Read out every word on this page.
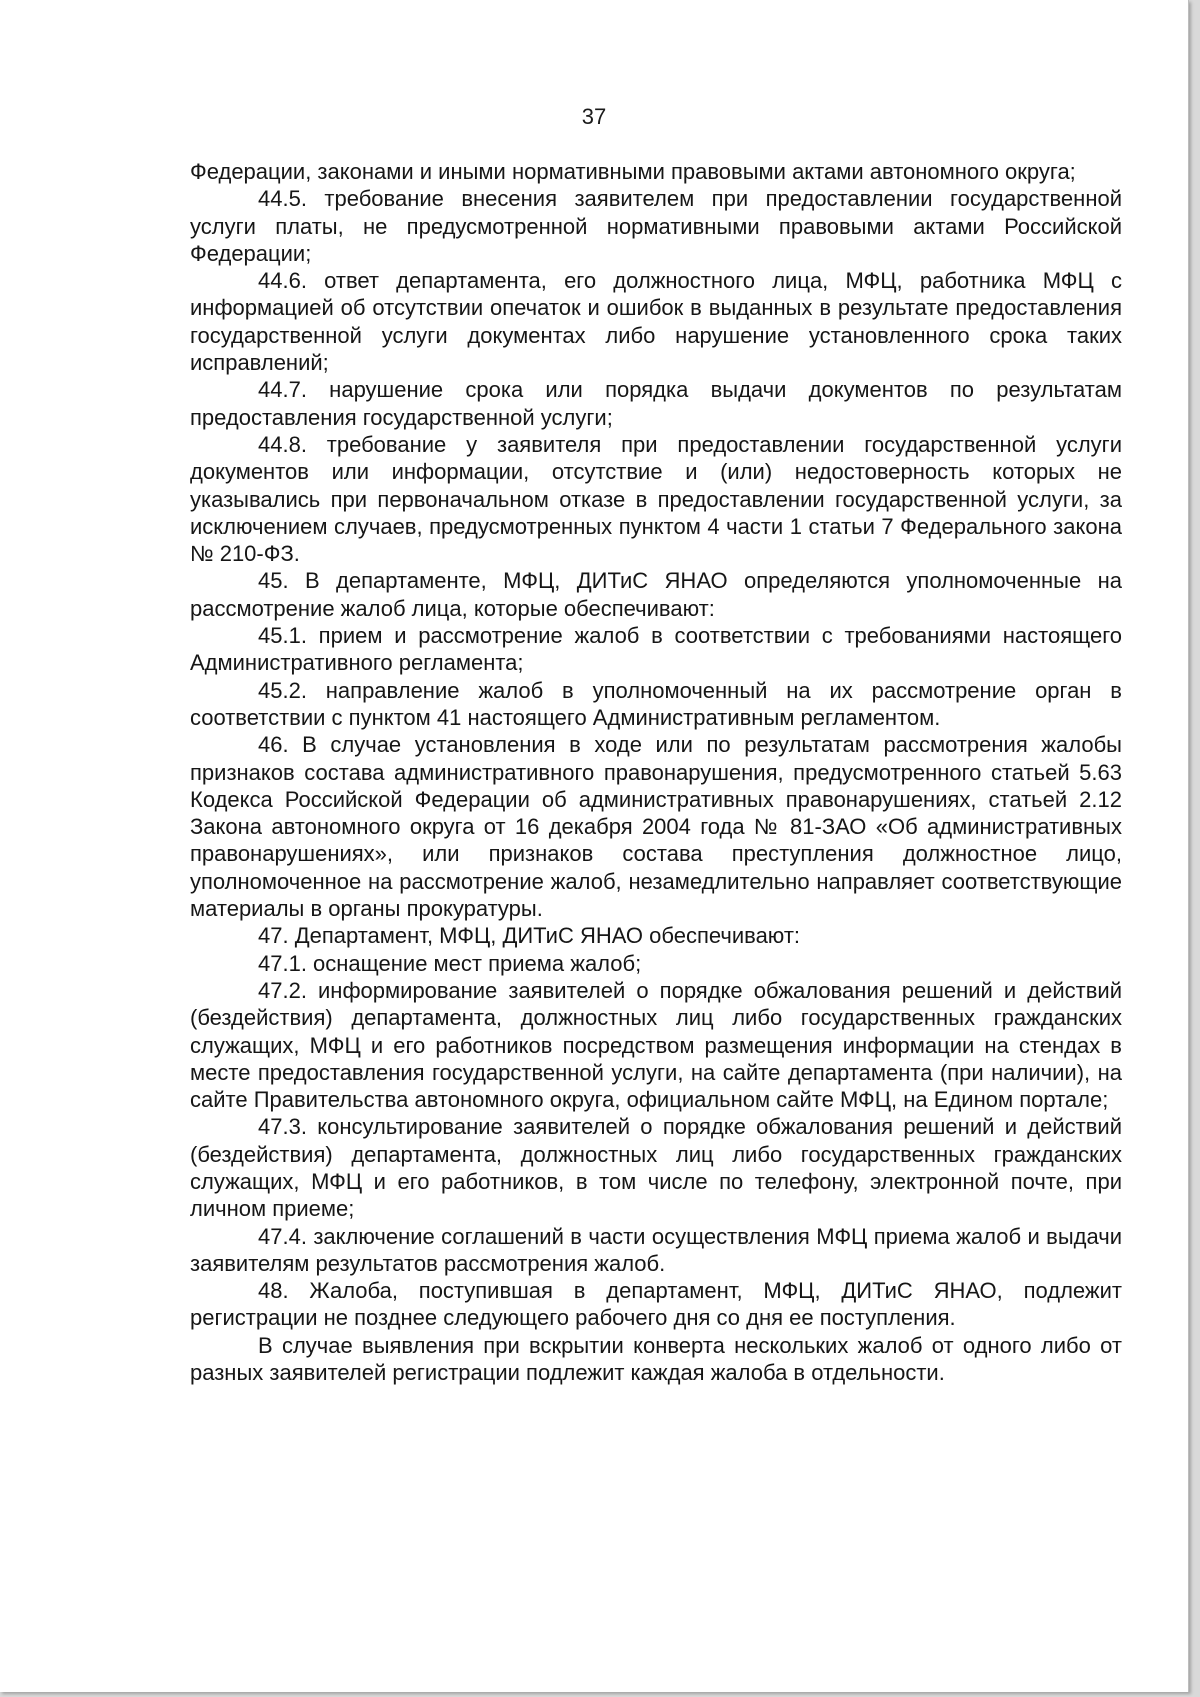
37

Федерации, законами и иными нормативными правовыми актами автономного округа;

44.5. требование внесения заявителем при предоставлении государственной услуги платы, не предусмотренной нормативными правовыми актами Российской Федерации;

44.6. ответ департамента, его должностного лица, МФЦ, работника МФЦ с информацией об отсутствии опечаток и ошибок в выданных в результате предоставления государственной услуги документах либо нарушение установленного срока таких исправлений;

44.7. нарушение срока или порядка выдачи документов по результатам предоставления государственной услуги;

44.8. требование у заявителя при предоставлении государственной услуги документов или информации, отсутствие и (или) недостоверность которых не указывались при первоначальном отказе в предоставлении государственной услуги, за исключением случаев, предусмотренных пунктом 4 части 1 статьи 7 Федерального закона № 210-ФЗ.

45. В департаменте, МФЦ, ДИТиС ЯНАО определяются уполномоченные на рассмотрение жалоб лица, которые обеспечивают:

45.1. прием и рассмотрение жалоб в соответствии с требованиями настоящего Административного регламента;

45.2. направление жалоб в уполномоченный на их рассмотрение орган в соответствии с пунктом 41 настоящего Административным регламентом.

46. В случае установления в ходе или по результатам рассмотрения жалобы признаков состава административного правонарушения, предусмотренного статьей 5.63 Кодекса Российской Федерации об административных правонарушениях, статьей 2.12 Закона автономного округа от 16 декабря 2004 года № 81-ЗАО «Об административных правонарушениях», или признаков состава преступления должностное лицо, уполномоченное на рассмотрение жалоб, незамедлительно направляет соответствующие материалы в органы прокуратуры.

47. Департамент, МФЦ, ДИТиС ЯНАО обеспечивают:

47.1. оснащение мест приема жалоб;

47.2. информирование заявителей о порядке обжалования решений и действий (бездействия) департамента, должностных лиц либо государственных гражданских служащих, МФЦ и его работников посредством размещения информации на стендах в месте предоставления государственной услуги, на сайте департамента (при наличии), на сайте Правительства автономного округа, официальном сайте МФЦ, на Едином портале;

47.3. консультирование заявителей о порядке обжалования решений и действий (бездействия) департамента, должностных лиц либо государственных гражданских служащих, МФЦ и его работников, в том числе по телефону, электронной почте, при личном приеме;

47.4. заключение соглашений в части осуществления МФЦ приема жалоб и выдачи заявителям результатов рассмотрения жалоб.

48. Жалоба, поступившая в департамент, МФЦ, ДИТиС ЯНАО, подлежит регистрации не позднее следующего рабочего дня со дня ее поступления.

В случае выявления при вскрытии конверта нескольких жалоб от одного либо от разных заявителей регистрации подлежит каждая жалоба в отдельности.
